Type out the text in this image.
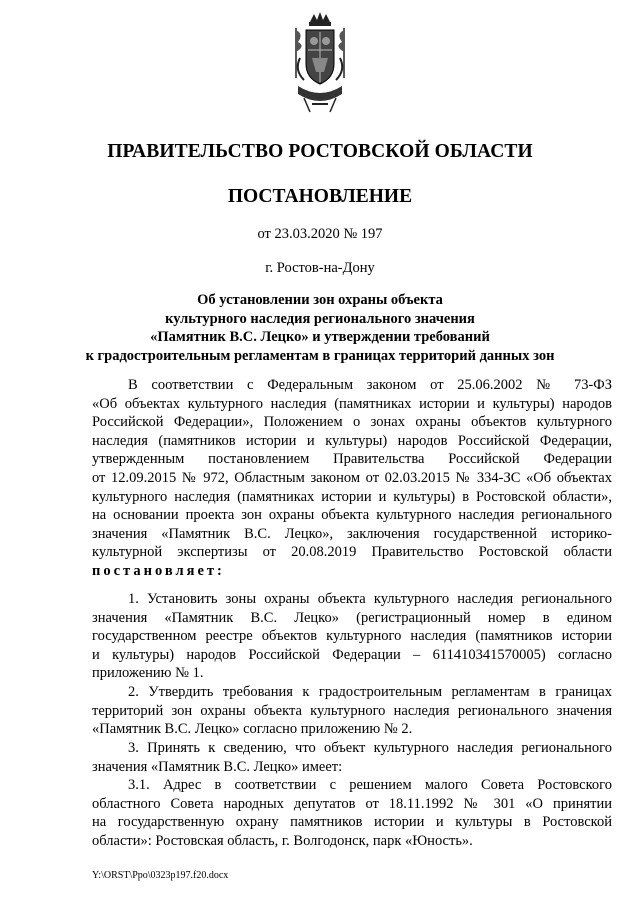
ПРАВИТЕЛЬСТВО РОСТОВСКОЙ ОБЛАСТИ
ПОСТАНОВЛЕНИЕ
от 23.03.2020 № 197
г. Ростов-на-Дону
Об установлении зон охраны объекта
культурного наследия регионального значения
«Памятник В.С. Лецко» и утверждении требований
к градостроительным регламентам в границах территорий данных зон
В соответствии с Федеральным законом от 25.06.2002 № 73-ФЗ
«Об объектах культурного наследия (памятниках истории и культуры) народов
Российской Федерации», Положением о зонах охраны объектов культурного
наследия (памятников истории и культуры) народов Российской Федерации,
утвержденным постановлением Правительства Российской Федерации
от 12.09.2015 № 972, Областным законом от 02.03.2015 № 334-ЗС «Об объектах
культурного наследия (памятниках истории и культуры) в Ростовской области»,
на основании проекта зон охраны объекта культурного наследия регионального
значения «Памятник В.С. Лецко», заключения государственной историко-
культурной экспертизы от 20.08.2019 Правительство Ростовской области
постановляет:
1. Установить зоны охраны объекта культурного наследия регионального
значения «Памятник В.С. Лецко» (регистрационный номер в едином
государственном реестре объектов культурного наследия (памятников истории
и культуры) народов Российской Федерации – 611410341570005) согласно
приложению № 1.
2. Утвердить требования к градостроительным регламентам в границах
территорий зон охраны объекта культурного наследия регионального значения
«Памятник В.С. Лецко» согласно приложению № 2.
3. Принять к сведению, что объект культурного наследия регионального
значения «Памятник В.С. Лецко» имеет:
3.1. Адрес в соответствии с решением малого Совета Ростовского
областного Совета народных депутатов от 18.11.1992 № 301 «О принятии
на государственную охрану памятников истории и культуры в Ростовской
области»: Ростовская область, г. Волгодонск, парк «Юность».
Y:\ORST\Ppo\0323p197.f20.docx
